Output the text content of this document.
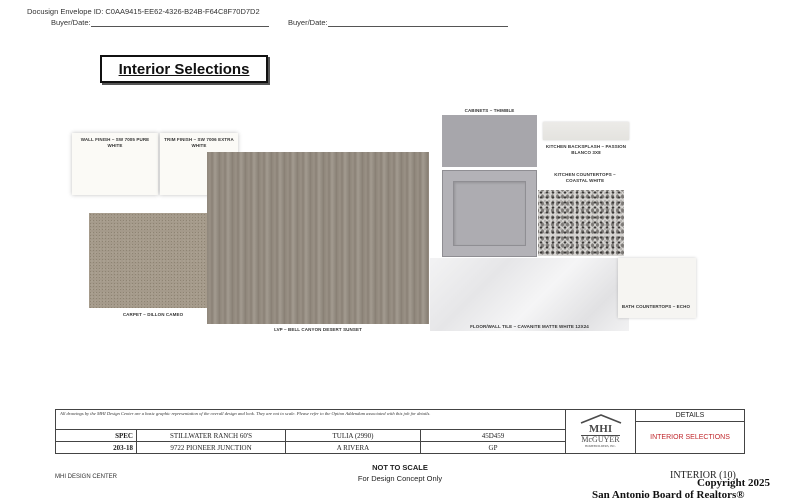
Docusign Envelope ID: C0AA9415-EE62-4326-B24B-F64C8F70D7D2
Buyer/Date:	Buyer/Date:
Interior Selections
WALL FINISH – SW 7005 PURE WHITE
TRIM FINISH – SW 7006 EXTRA WHITE
CARPET – DILLON CAMEO
LVP – BELL CANYON DESERT SUNSET
CABINETS – THIMBLE
KITCHEN BACKSPLASH – PASSION BLANCO 3X8
KITCHEN COUNTERTOPS – COASTAL WHITE
FLOOR/WALL TILE – CAVANITE MATTE WHITE 12X24
BATH COUNTERTOPS – ECHO
All drawings by the MHI Design Center are a basic graphic representation of the overall design and look. They are not to scale. Please refer to the Option Addendum associated with this job for details.
SPEC	STILLWATER RANCH 60'S	TULIA (2990)	45D459
203-18	9722 PIONEER JUNCTION	A RIVERA	GP
MHI
McGUYER
HOMEBUILDERS, INC.
DETAILS
INTERIOR SELECTIONS
MHI DESIGN CENTER
NOT TO SCALE
For Design Concept Only	INTERIOR (10)
Copyright 2025
San Antonio Board of Realtors®
